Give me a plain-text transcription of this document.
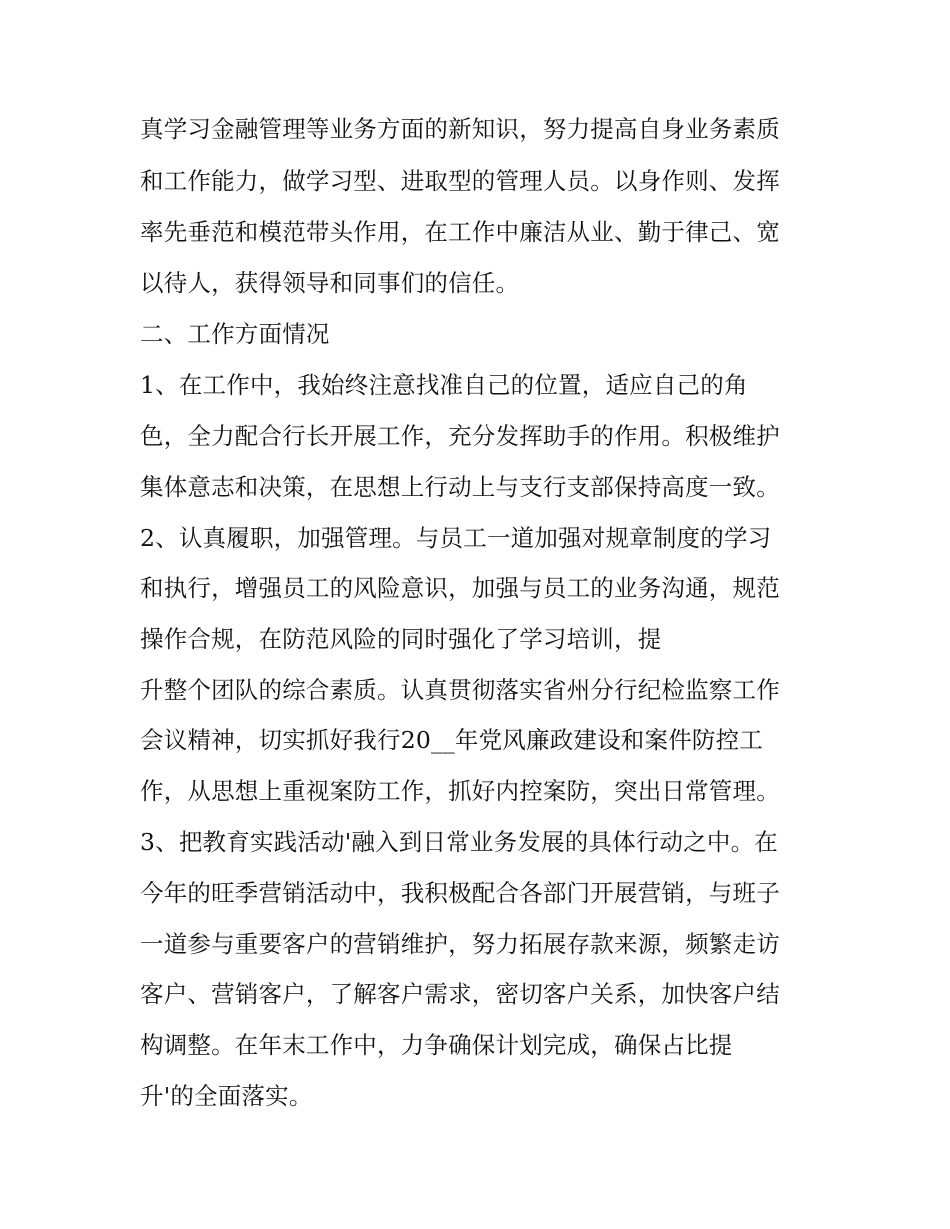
真学习金融管理等业务方面的新知识，努力提高自身业务素质
和工作能力，做学习型、进取型的管理人员。以身作则、发挥
率先垂范和模范带头作用，在工作中廉洁从业、勤于律己、宽
以待人，获得领导和同事们的信任。
二、工作方面情况
1、在工作中，我始终注意找准自己的位置，适应自己的角
色，全力配合行长开展工作，充分发挥助手的作用。积极维护
集体意志和决策，在思想上行动上与支行支部保持高度一致。
2、认真履职，加强管理。与员工一道加强对规章制度的学习
和执行，增强员工的风险意识，加强与员工的业务沟通，规范
操作合规，在防范风险的同时强化了学习培训，提
升整个团队的综合素质。认真贯彻落实省州分行纪检监察工作
会议精神，切实抓好我行20__年党风廉政建设和案件防控工
作，从思想上重视案防工作，抓好内控案防，突出日常管理。
3、把教育实践活动'融入到日常业务发展的具体行动之中。在
今年的旺季营销活动中，我积极配合各部门开展营销，与班子
一道参与重要客户的营销维护，努力拓展存款来源，频繁走访
客户、营销客户，了解客户需求，密切客户关系，加快客户结
构调整。在年末工作中，力争确保计划完成，确保占比提
升'的全面落实。
